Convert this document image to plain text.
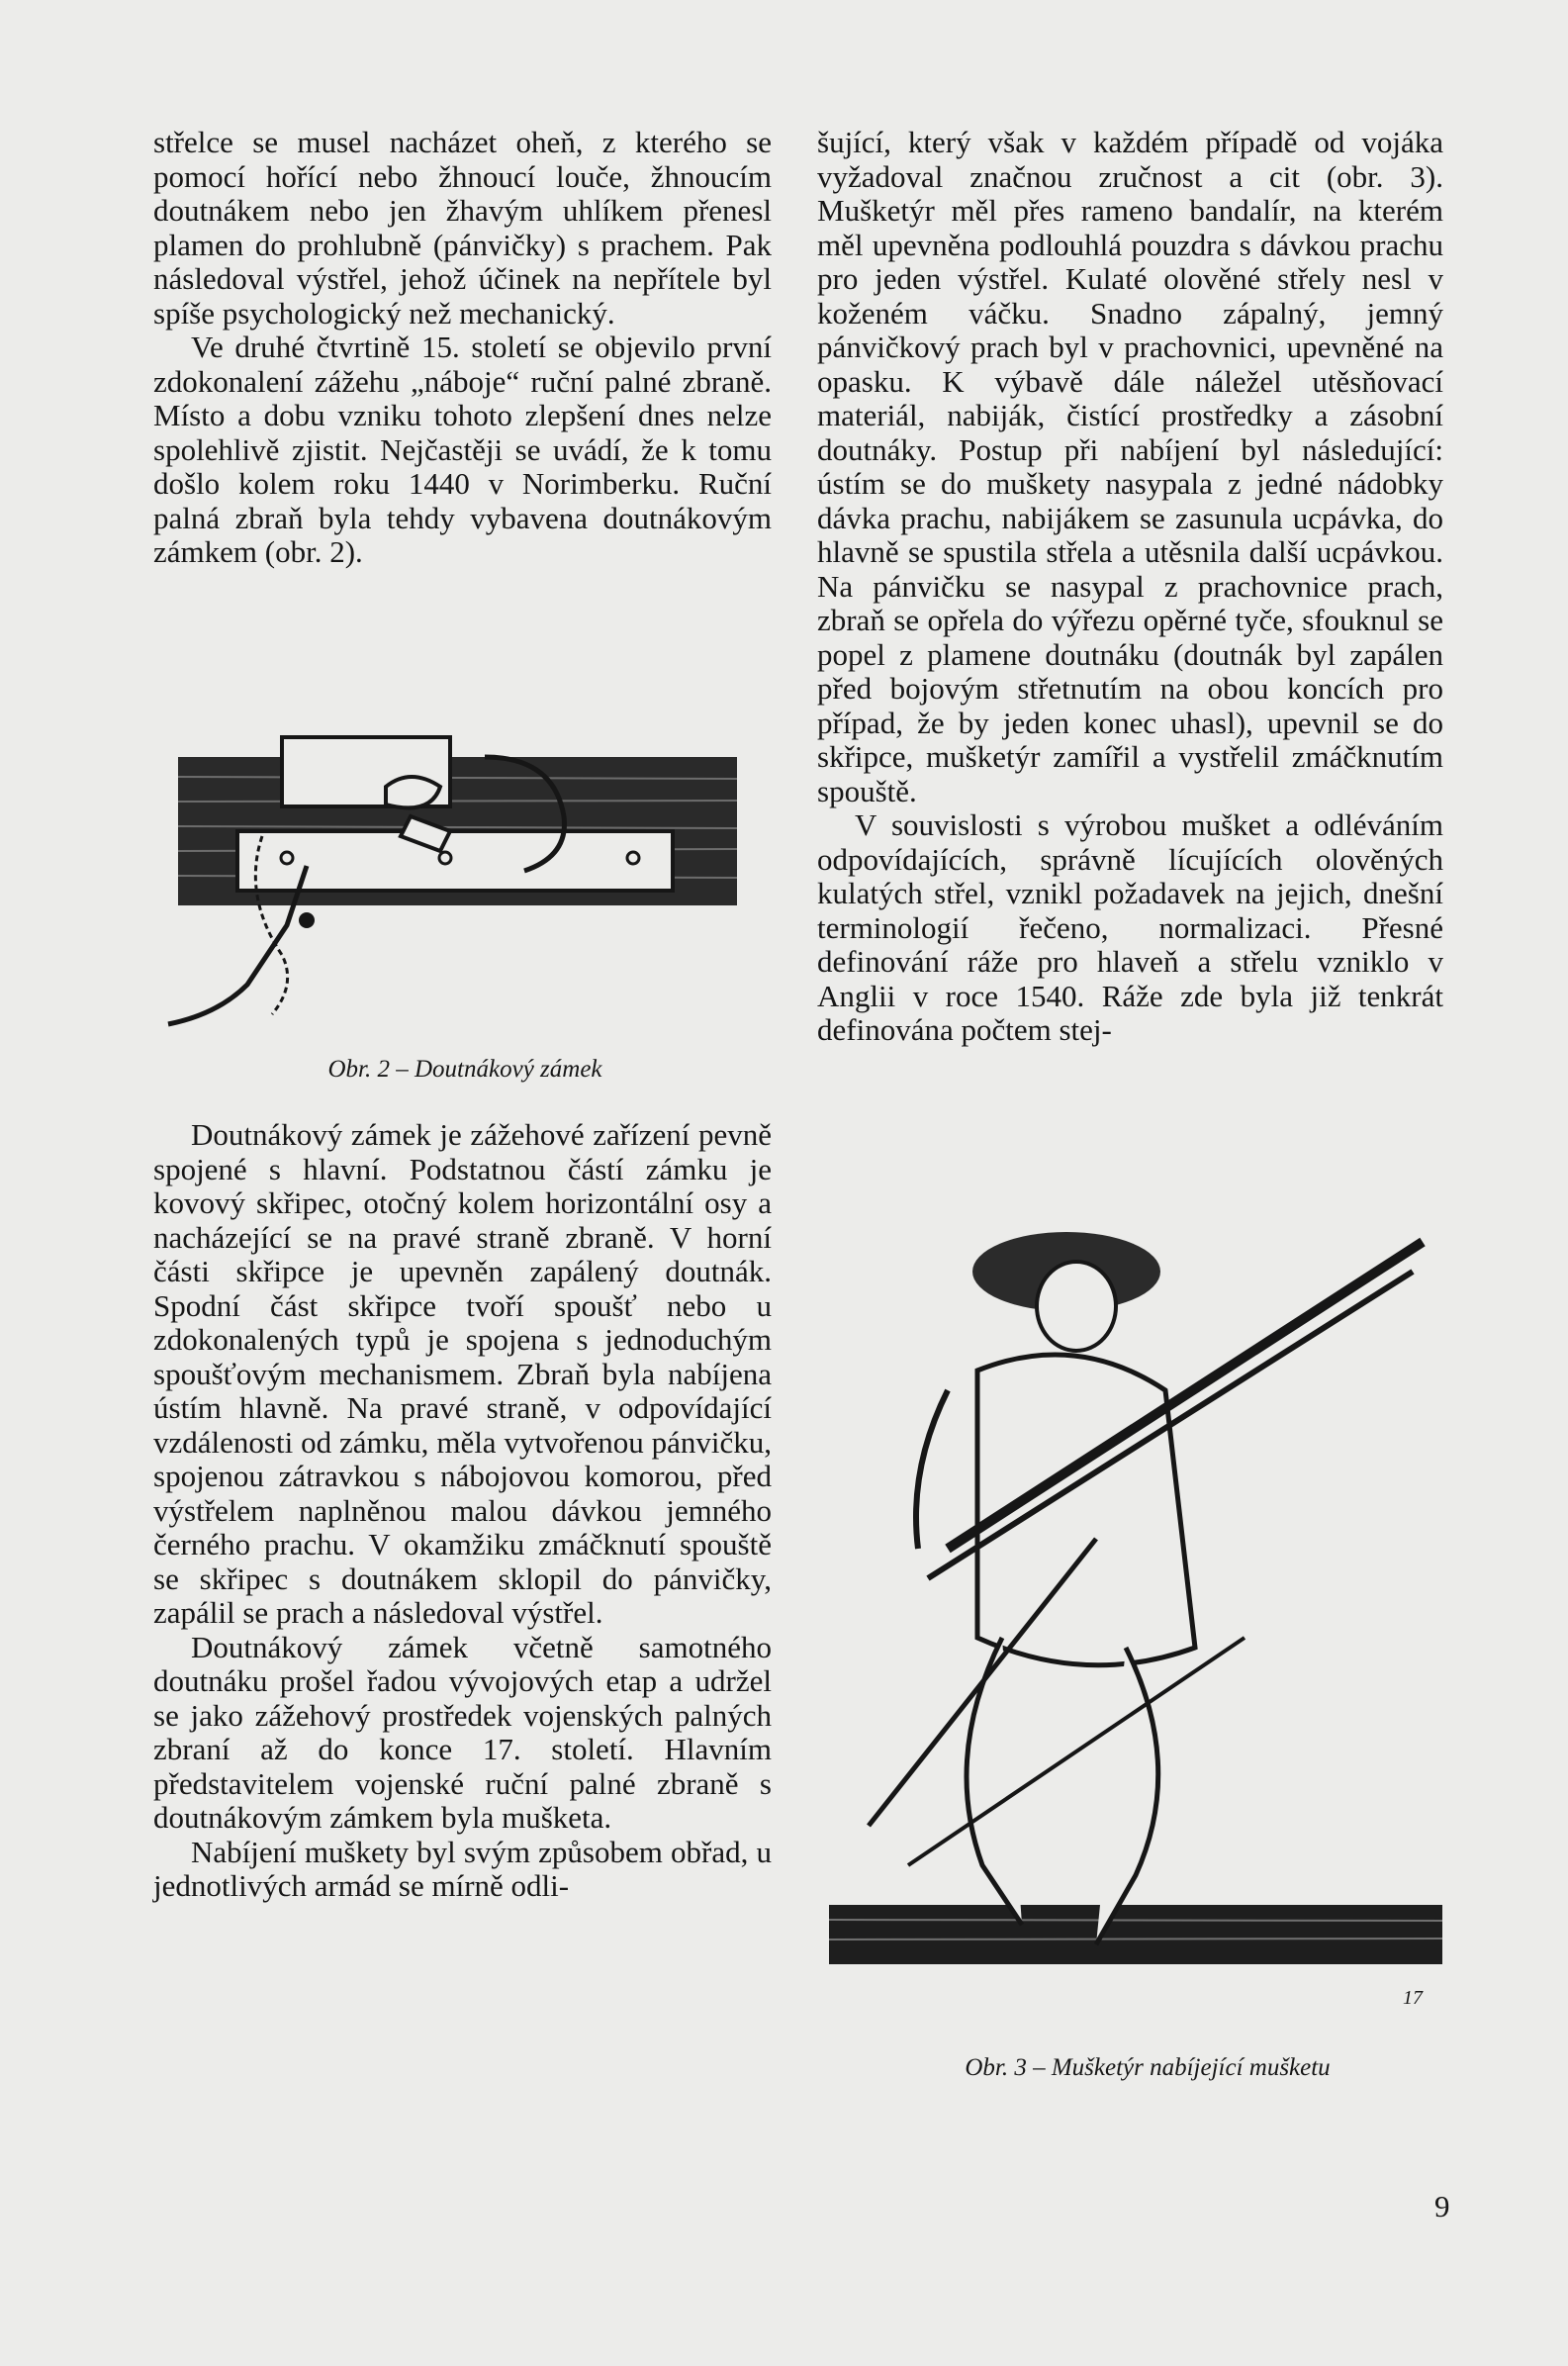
střelce se musel nacházet oheň, z kterého se pomocí hořící nebo žhnoucí louče, žhnoucím doutnákem nebo jen žhavým uhlíkem přenesl plamen do prohlubně (pánvičky) s prachem. Pak následoval výstřel, jehož účinek na nepřítele byl spíše psychologický než mechanický.

Ve druhé čtvrtině 15. století se objevilo první zdokonalení zážehu „náboje“ ruční palné zbraně. Místo a dobu vzniku tohoto zlepšení dnes nelze spolehlivě zjistit. Nejčastěji se uvádí, že k tomu došlo kolem roku 1440 v Norimberku. Ruční palná zbraň byla tehdy vybavena doutnákovým zámkem (obr. 2).

Obr. 2 – Doutnákový zámek

Doutnákový zámek je zážehové zařízení pevně spojené s hlavní. Podstatnou částí zámku je kovový skřipec, otočný kolem horizontální osy a nacházející se na pravé straně zbraně. V horní části skřipce je upevněn zapálený doutnák. Spodní část skřipce tvoří spoušť nebo u zdokonalených typů je spojena s jednoduchým spoušťovým mechanismem. Zbraň byla nabíjena ústím hlavně. Na pravé straně, v odpovídající vzdálenosti od zámku, měla vytvořenou pánvičku, spojenou zátravkou s nábojovou komorou, před výstřelem naplněnou malou dávkou jemného černého prachu. V okamžiku zmáčknutí spouště se skřipec s doutnákem sklopil do pánvičky, zapálil se prach a následoval výstřel.

Doutnákový zámek včetně samotného doutnáku prošel řadou vývojových etap a udržel se jako zážehový prostředek vojenských palných zbraní až do konce 17. století. Hlavním představitelem vojenské ruční palné zbraně s doutnákovým zámkem byla mušketa.

Nabíjení muškety byl svým způsobem obřad, u jednotlivých armád se mírně odli-

šující, který však v každém případě od vojáka vyžadoval značnou zručnost a cit (obr. 3). Mušketýr měl přes rameno bandalír, na kterém měl upevněna podlouhlá pouzdra s dávkou prachu pro jeden výstřel. Kulaté olověné střely nesl v koženém váčku. Snadno zápalný, jemný pánvičkový prach byl v prachovnici, upevněné na opasku. K výbavě dále náležel utěsňovací materiál, nabiják, čistící prostředky a zásobní doutnáky. Postup při nabíjení byl následující: ústím se do muškety nasypala z jedné nádobky dávka prachu, nabijákem se zasunula ucpávka, do hlavně se spustila střela a utěsnila další ucpávkou. Na pánvičku se nasypal z prachovnice prach, zbraň se opřela do výřezu opěrné tyče, sfouknul se popel z plamene doutnáku (doutnák byl zapálen před bojovým střetnutím na obou koncích pro případ, že by jeden konec uhasl), upevnil se do skřipce, mušketýr zamířil a vystřelil zmáčknutím spouště.

V souvislosti s výrobou mušket a odléváním odpovídajících, správně lícujících olověných kulatých střel, vznikl požadavek na jejich, dnešní terminologií řečeno, normalizaci. Přesné definování ráže pro hlaveň a střelu vzniklo v Anglii v roce 1540. Ráže zde byla již tenkrát definována počtem stej-

17
Obr. 3 – Mušketýr nabíjející mušketu
9
